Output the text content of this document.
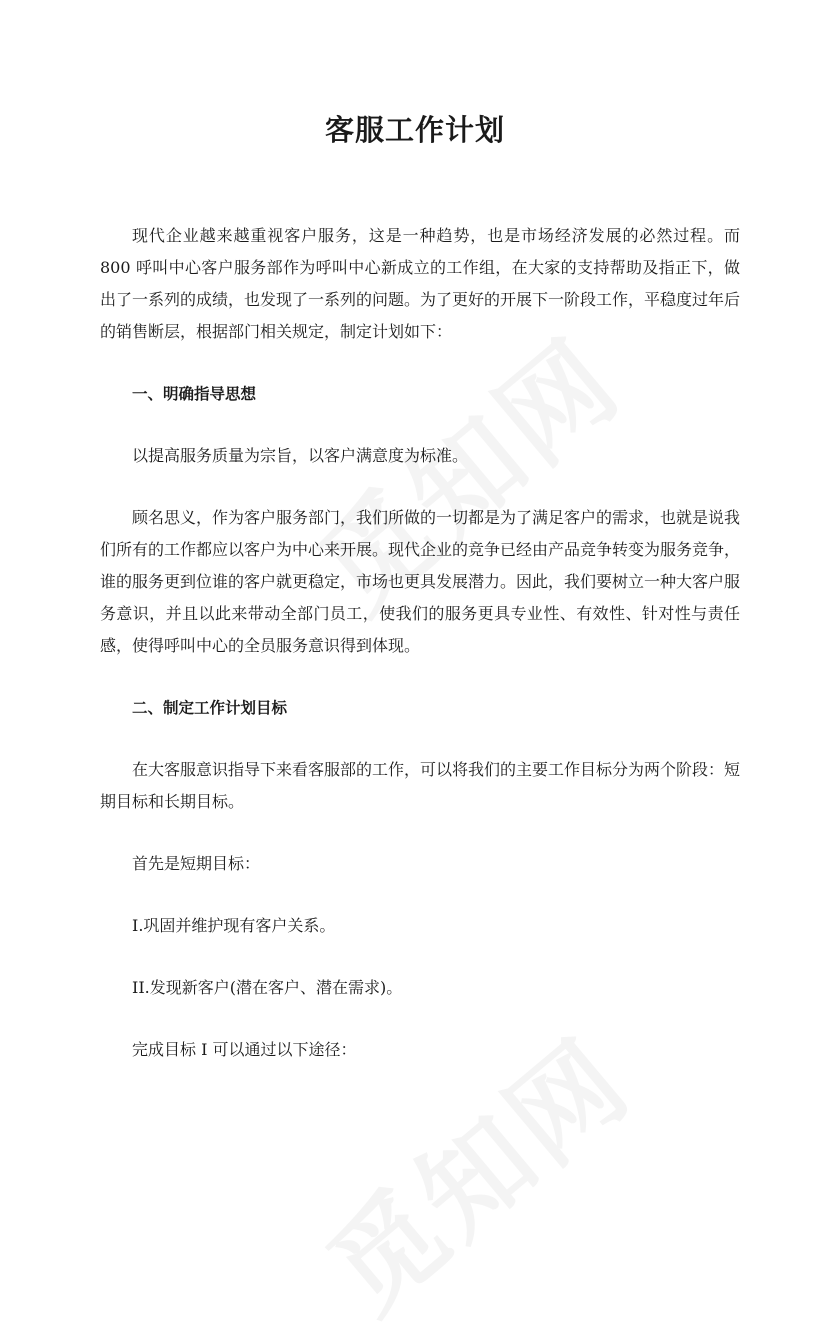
客服工作计划

现代企业越来越重视客户服务，这是一种趋势，也是市场经济发展的必然过程。而 800 呼叫中心客户服务部作为呼叫中心新成立的工作组，在大家的支持帮助及指正下，做出了一系列的成绩，也发现了一系列的问题。为了更好的开展下一阶段工作，平稳度过年后的销售断层，根据部门相关规定，制定计划如下：

一、明确指导思想

以提高服务质量为宗旨，以客户满意度为标准。

顾名思义，作为客户服务部门，我们所做的一切都是为了满足客户的需求，也就是说我们所有的工作都应以客户为中心来开展。现代企业的竞争已经由产品竞争转变为服务竞争，谁的服务更到位谁的客户就更稳定，市场也更具发展潜力。因此，我们要树立一种大客户服务意识，并且以此来带动全部门员工，使我们的服务更具专业性、有效性、针对性与责任感，使得呼叫中心的全员服务意识得到体现。

二、制定工作计划目标

在大客服意识指导下来看客服部的工作，可以将我们的主要工作目标分为两个阶段：短期目标和长期目标。

首先是短期目标：

I.巩固并维护现有客户关系。

II.发现新客户(潜在客户、潜在需求)。

完成目标 I 可以通过以下途径：
